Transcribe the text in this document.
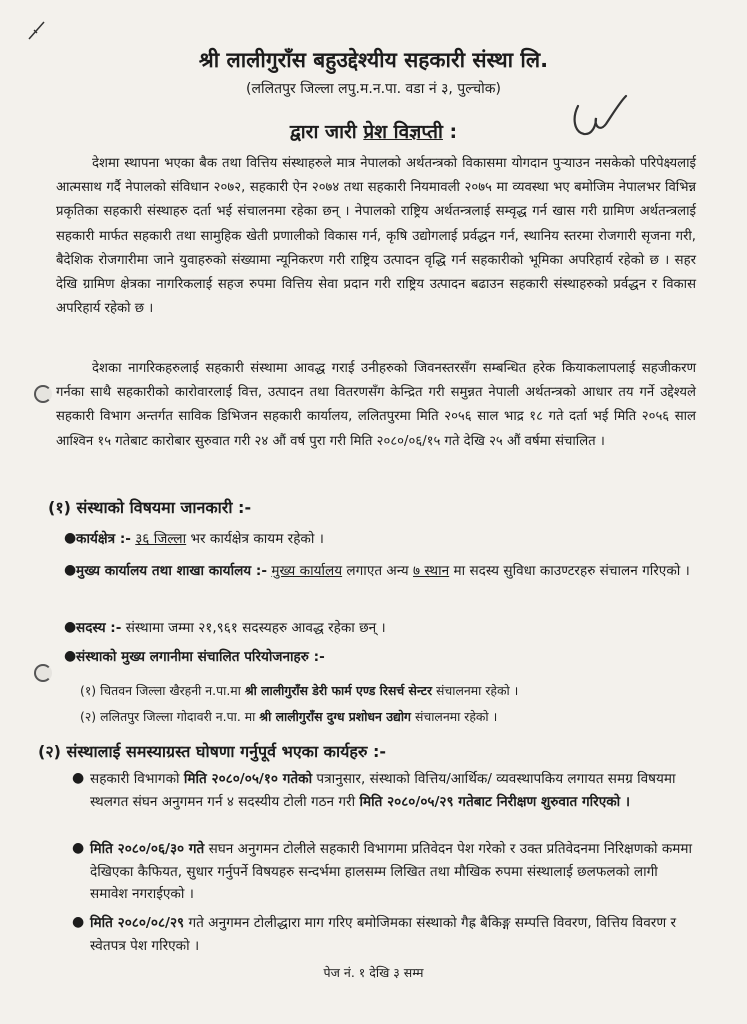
श्री लालीगुराँस बहुउद्देश्यीय सहकारी संस्था लि.
(ललितपुर जिल्ला लपु.म.न.पा. वडा नं ३, पुल्चोक)
द्वारा जारी प्रेश विज्ञप्ती :

देशमा स्थापना भएका बैक तथा वित्तिय संस्थाहरुले मात्र नेपालको अर्थतन्त्रको विकासमा योगदान पुऱ्याउन नसकेको परिपेक्ष्यलाई आत्मसाथ गर्दै नेपालको संविधान २०७२, सहकारी ऐन २०७४ तथा सहकारी नियमावली २०७५ मा व्यवस्था भए बमोजिम नेपालभर विभिन्न प्रकृतिका सहकारी संस्थाहरु दर्ता भई संचालनमा रहेका छन् । नेपालको राष्ट्रिय अर्थतन्त्रलाई सम्वृद्ध गर्न खास गरी ग्रामिण अर्थतन्त्रलाई सहकारी मार्फत सहकारी तथा सामुहिक खेती प्रणालीको विकास गर्न, कृषि उद्योगलाई प्रर्वद्धन गर्न, स्थानिय स्तरमा रोजगारी सृजना गरी, बैदेशिक रोजगारीमा जाने युवाहरुको संख्यामा न्यूनिकरण गरी राष्ट्रिय उत्पादन वृद्धि गर्न सहकारीको भूमिका अपरिहार्य रहेको छ । सहर देखि ग्रामिण क्षेत्रका नागरिकलाई सहज रुपमा वित्तिय सेवा प्रदान गरी राष्ट्रिय उत्पादन बढाउन सहकारी संस्थाहरुको प्रर्वद्धन र विकास अपरिहार्य रहेको छ ।

देशका नागरिकहरुलाई सहकारी संस्थामा आवद्ध गराई उनीहरुको जिवनस्तरसँग सम्बन्धित हरेक कियाकलापलाई सहजीकरण गर्नका साथै सहकारीको कारोवारलाई वित्त, उत्पादन तथा वितरणसँग केन्द्रित गरी समुन्नत नेपाली अर्थतन्त्रको आधार तय गर्ने उद्देश्यले सहकारी विभाग अन्तर्गत साविक डिभिजन सहकारी कार्यालय, ललितपुरमा मिति २०५६ साल भाद्र १८ गते दर्ता भई मिति २०५६ साल आश्विन १५ गतेबाट कारोबार सुरुवात गरी २४ औं वर्ष पुरा गरी मिति २०८०/०६/१५ गते देखि २५ औं वर्षमा संचालित ।

(१) संस्थाको विषयमा जानकारी :-
● कार्यक्षेत्र :- ३६ जिल्ला भर कार्यक्षेत्र कायम रहेको ।
● मुख्य कार्यालय तथा शाखा कार्यालय :- मुख्य कार्यालय लगाएत अन्य ७ स्थान मा सदस्य सुविधा काउण्टरहरु संचालन गरिएको ।
● सदस्य :- संस्थामा जम्मा २१,९६१ सदस्यहरु आवद्ध रहेका छन् ।
● संस्थाको मुख्य लगानीमा संचालित परियोजनाहरु :-
(१) चितवन जिल्ला खैरहनी न.पा.मा श्री लालीगुराँस डेरी फार्म एण्ड रिसर्च सेन्टर संचालनमा रहेको ।
(२) ललितपुर जिल्ला गोदावरी न.पा. मा श्री लालीगुराँस दुग्ध प्रशोधन उद्योग संचालनमा रहेको ।
(२) संस्थालाई समस्याग्रस्त घोषणा गर्नुपूर्व भएका कार्यहरु :-
● सहकारी विभागको मिति २०८०/०५/१० गतेको पत्रानुसार, संस्थाको वित्तिय/आर्थिक/ व्यवस्थापकिय लगायत समग्र विषयमा स्थलगत संघन अनुगमन गर्न ४ सदस्यीय टोली गठन गरी मिति २०८०/०५/२९ गतेबाट निरीक्षण शुरुवात गरिएको ।
● मिति २०८०/०६/३० गते सघन अनुगमन टोलीले सहकारी विभागमा प्रतिवेदन पेश गरेको र उक्त प्रतिवेदनमा निरिक्षणको कममा देखिएका कैफियत, सुधार गर्नुपर्ने विषयहरु सन्दर्भमा हालसम्म लिखित तथा मौखिक रुपमा संस्थालाई छलफलको लागी समावेश नगराईएको ।
● मिति २०८०/०८/२९ गते अनुगमन टोलीद्धारा माग गरिए बमोजिमका संस्थाको गैह्र बैकिङ्ग सम्पत्ति विवरण, वित्तिय विवरण र स्वेतपत्र पेश गरिएको ।
पेज नं. १ देखि ३ सम्म
